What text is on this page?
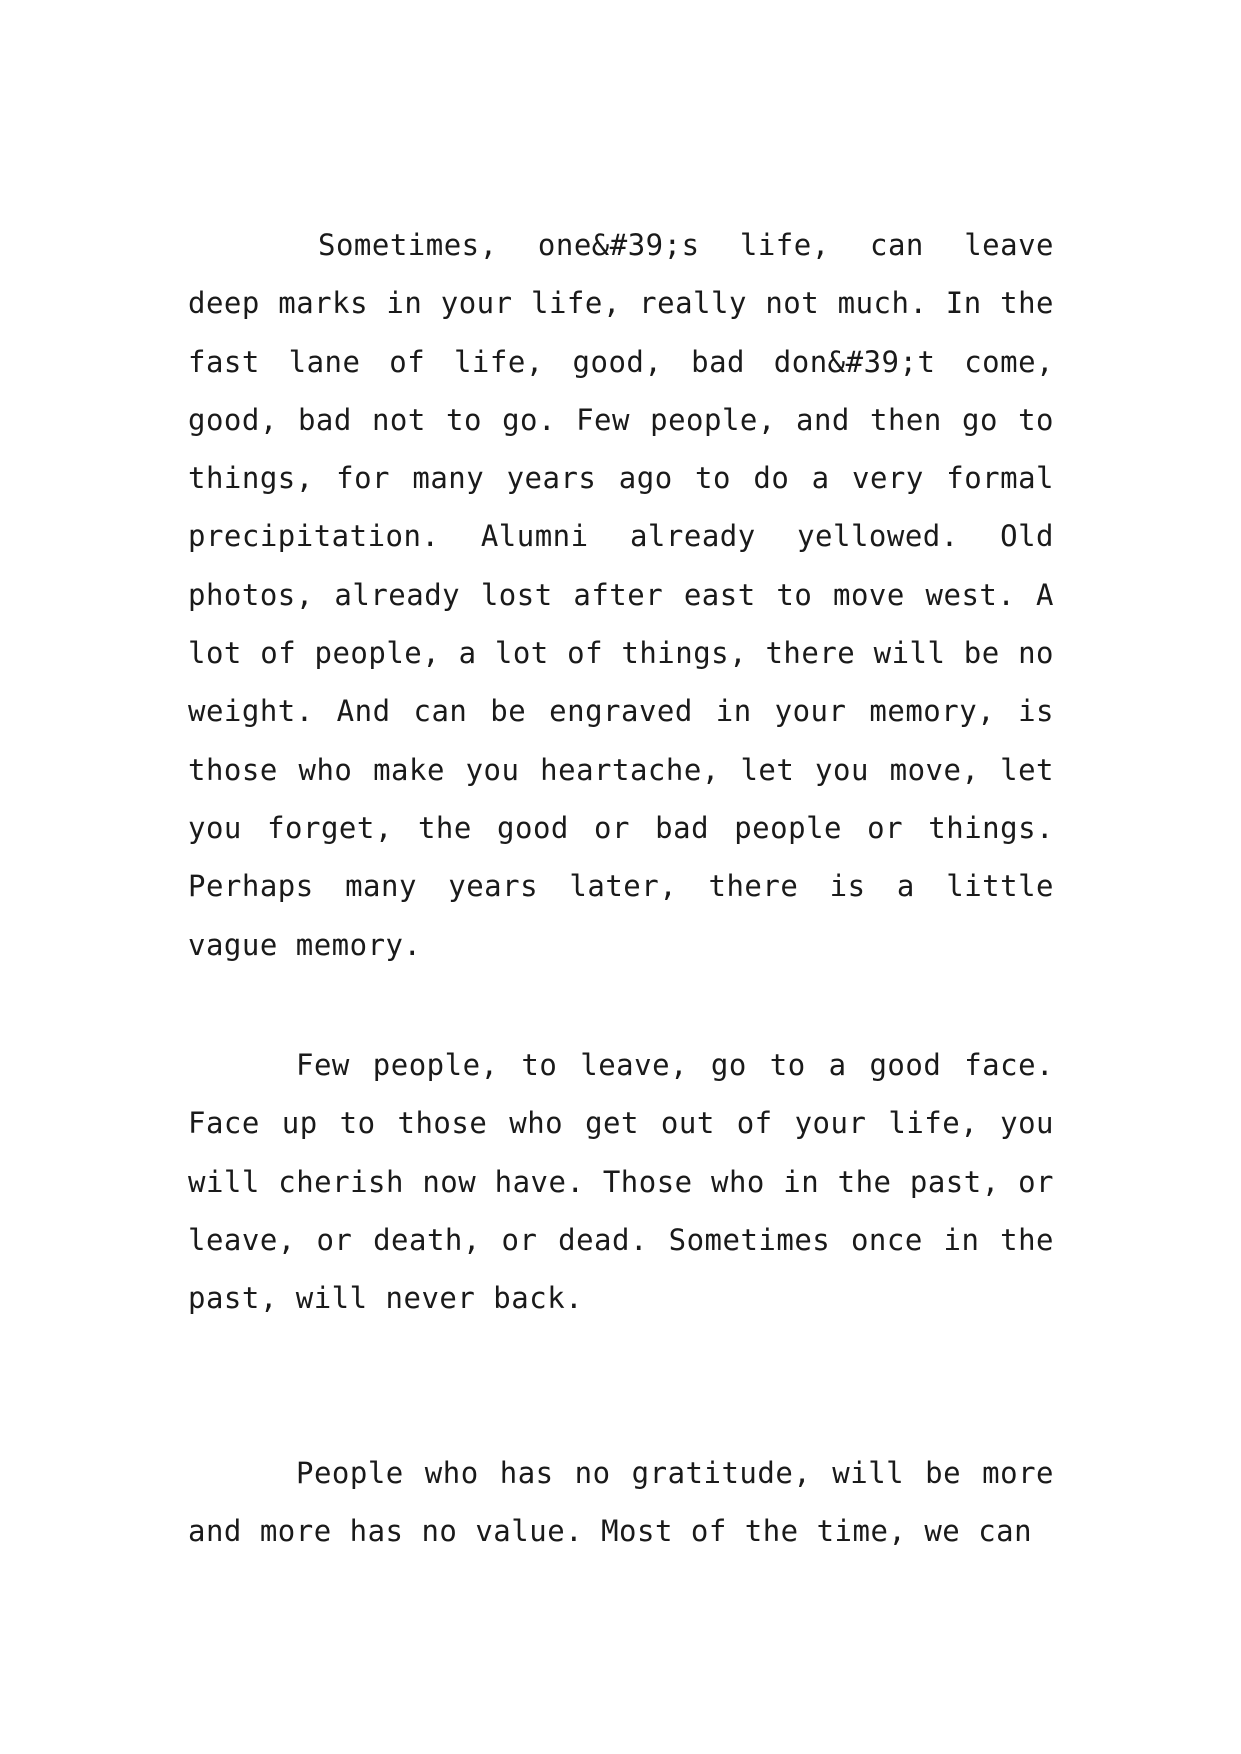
Sometimes, one&#39;s life, can leave deep marks in your life, really not much. In the fast lane of life, good, bad don&#39;t come, good, bad not to go. Few people, and then go to things, for many years ago to do a very formal precipitation. Alumni already yellowed. Old photos, already lost after east to move west. A lot of people, a lot of things, there will be no weight. And can be engraved in your memory, is those who make you heartache, let you move, let you forget, the good or bad people or things. Perhaps many years later, there is a little vague memory.

Few people, to leave, go to a good face. Face up to those who get out of your life, you will cherish now have. Those who in the past, or leave, or death, or dead. Sometimes once in the past, will never back.

People who has no gratitude, will be more and more has no value. Most of the time, we can
